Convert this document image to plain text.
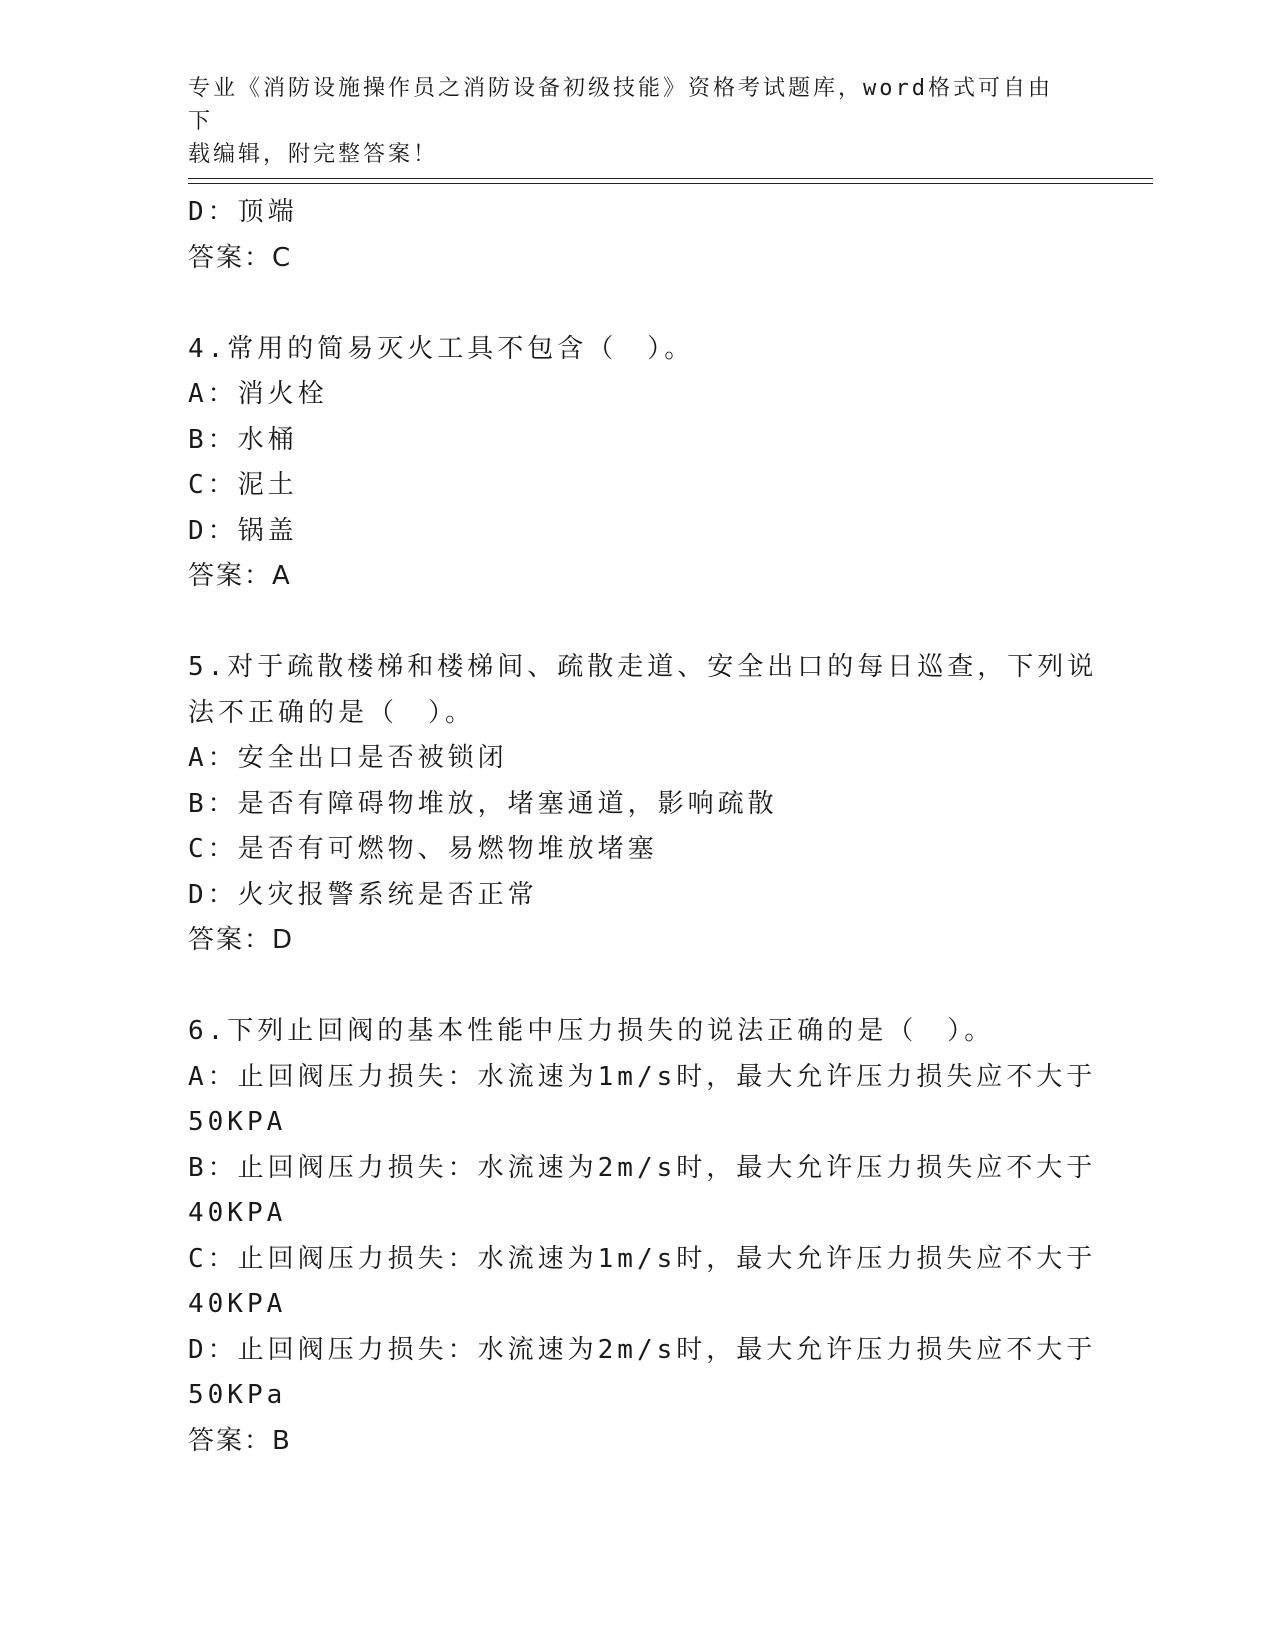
专业《消防设施操作员之消防设备初级技能》资格考试题库，word格式可自由下
载编辑，附完整答案！
D：顶端
答案：C
4.常用的简易灭火工具不包含（　）。
A：消火栓
B：水桶
C：泥土
D：锅盖
答案：A
5.对于疏散楼梯和楼梯间、疏散走道、安全出口的每日巡查，下列说
法不正确的是（　）。
A：安全出口是否被锁闭
B：是否有障碍物堆放，堵塞通道，影响疏散
C：是否有可燃物、易燃物堆放堵塞
D：火灾报警系统是否正常
答案：D
6.下列止回阀的基本性能中压力损失的说法正确的是（　）。
A：止回阀压力损失：水流速为1m/s时，最大允许压力损失应不大于
50KPA
B：止回阀压力损失：水流速为2m/s时，最大允许压力损失应不大于
40KPA
C：止回阀压力损失：水流速为1m/s时，最大允许压力损失应不大于
40KPA
D：止回阀压力损失：水流速为2m/s时，最大允许压力损失应不大于
50KPa
答案：B
